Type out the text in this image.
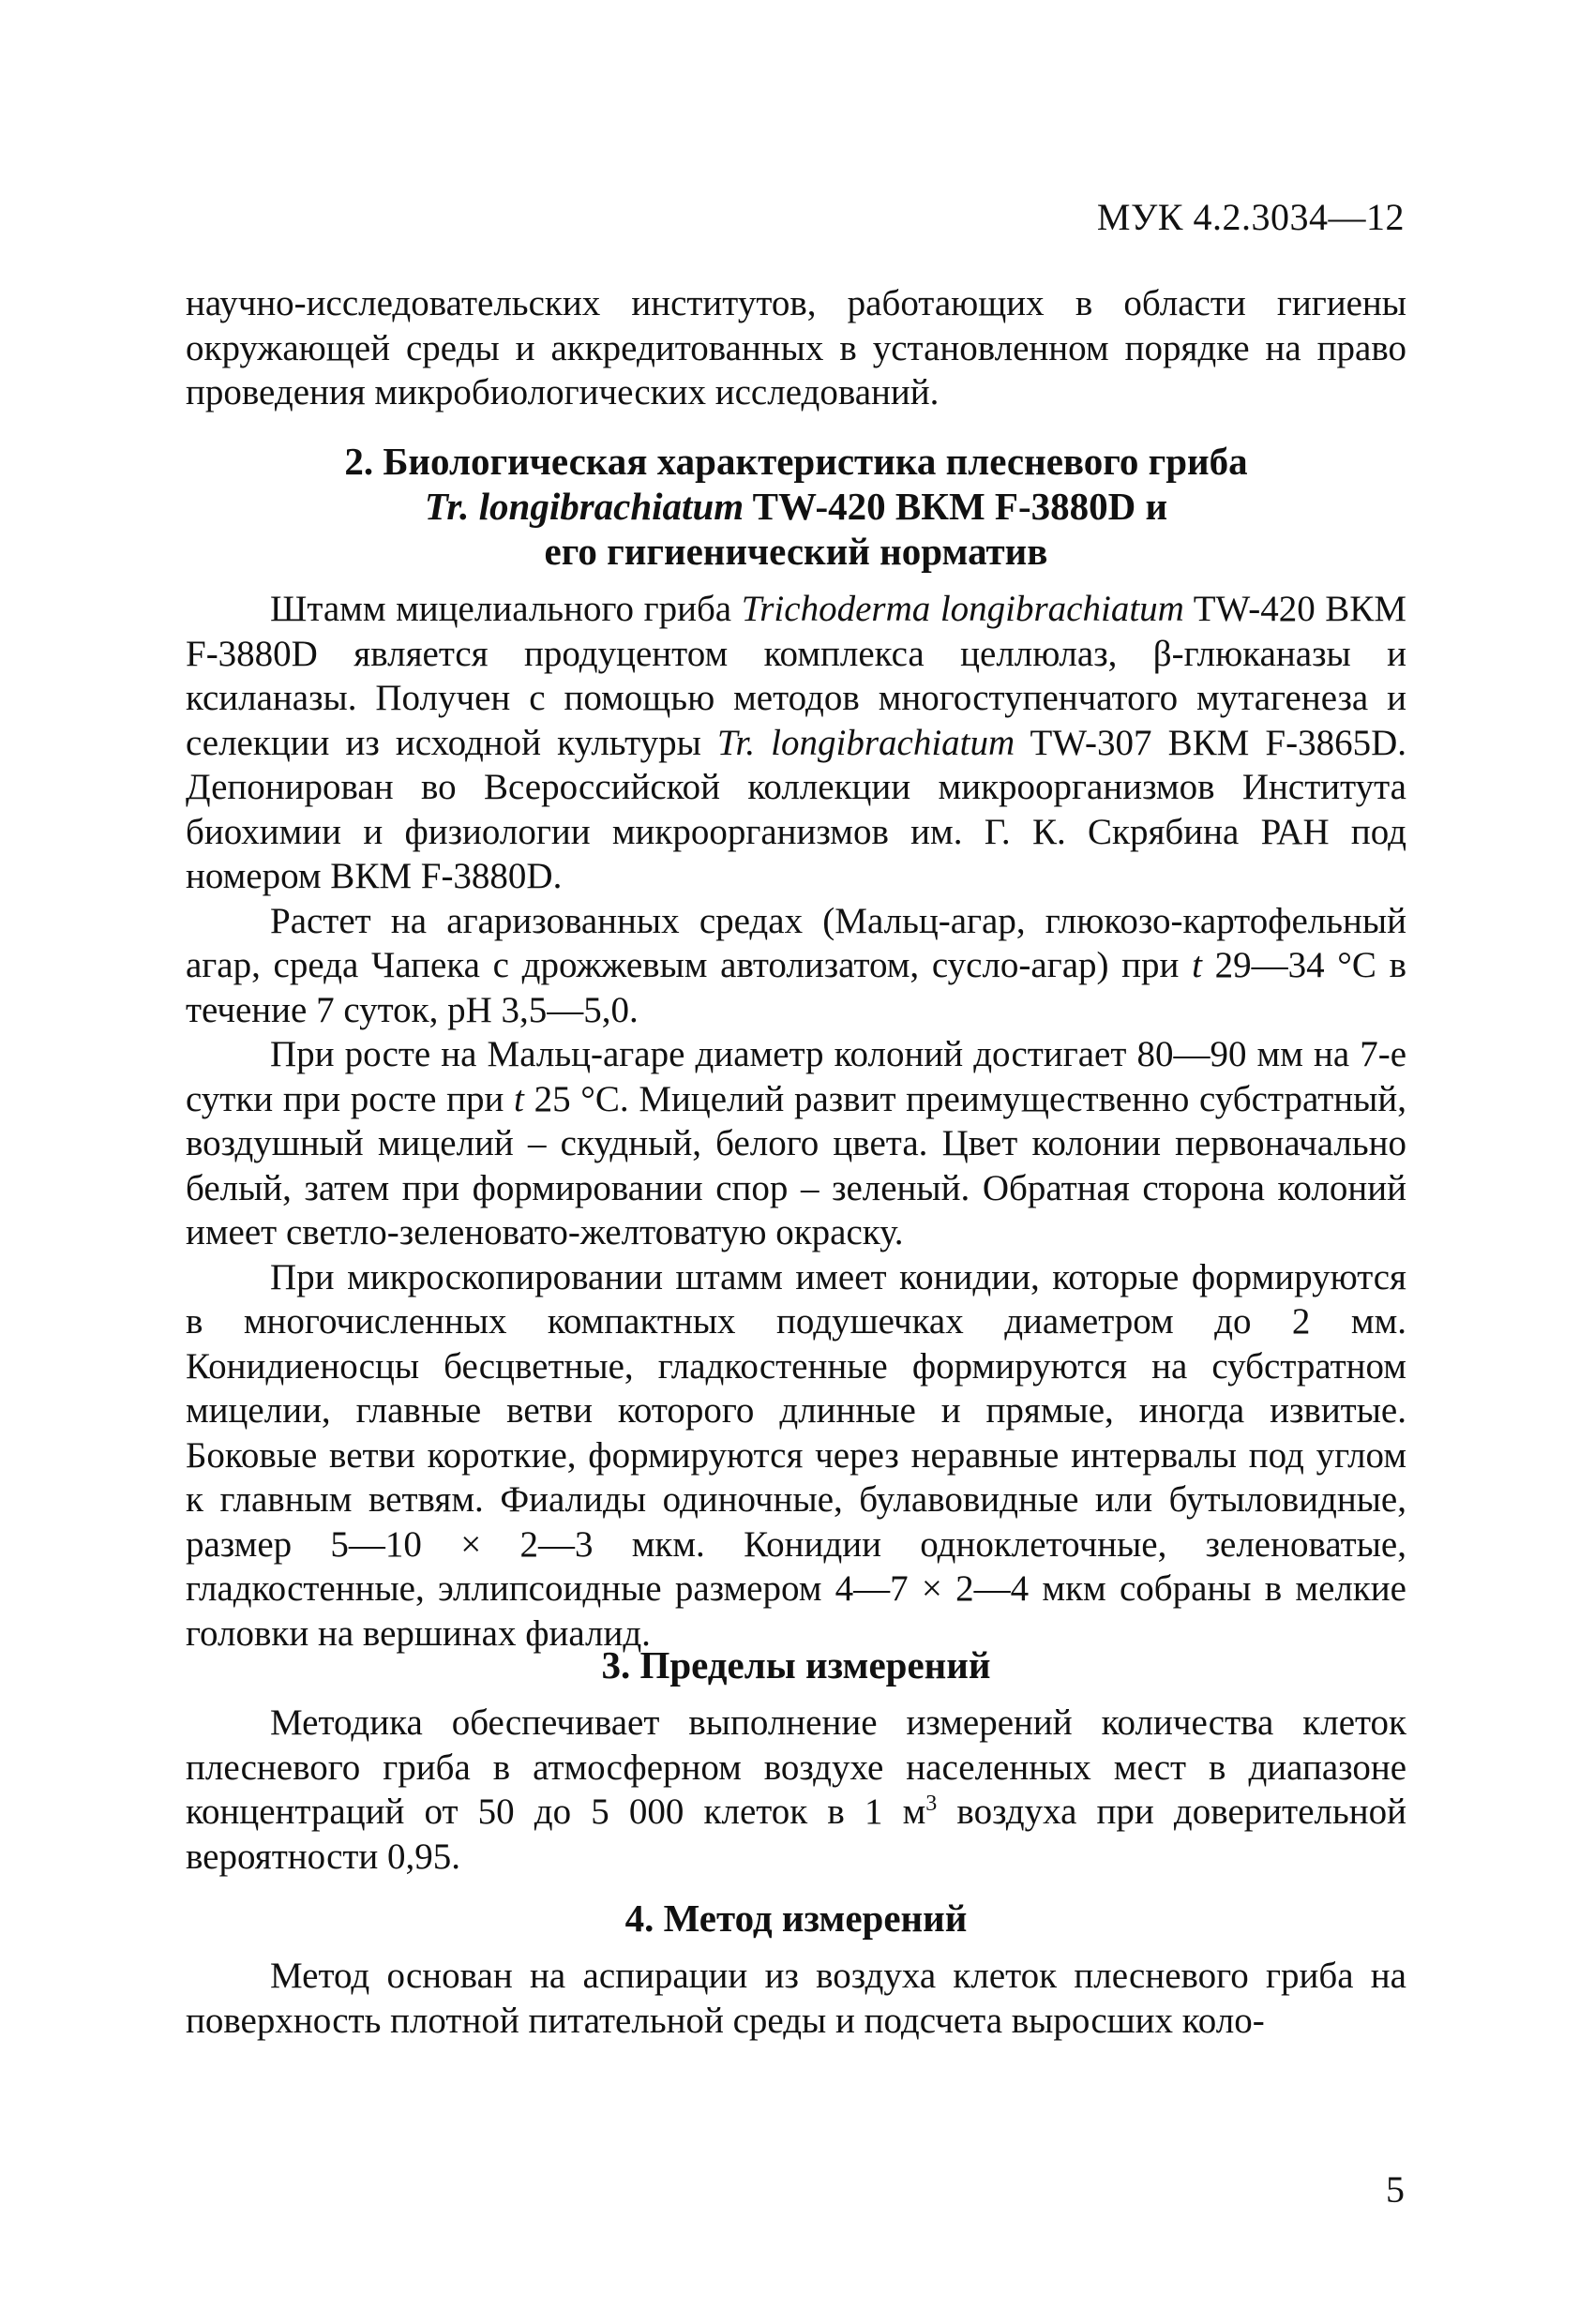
МУК 4.2.3034—12

научно-исследовательских институтов, работающих в области гигиены окружающей среды и аккредитованных в установленном порядке на право проведения микробиологических исследований.

2. Биологическая характеристика плесневого гриба

Tr. longibrachiatum TW-420 ВКМ F-3880D и

его гигиенический норматив

Штамм мицелиального гриба Trichoderma longibrachiatum TW-420 ВКМ F-3880D является продуцентом комплекса целлюлаз, β-глюканазы и ксиланазы. Получен с помощью методов многоступенчатого мутагенеза и селекции из исходной культуры Tr. longibrachiatum TW-307 ВКМ F-3865D. Депонирован во Всероссийской коллекции микроорганизмов Института биохимии и физиологии микроорганизмов им. Г. К. Скрябина РАН под номером ВКМ F-3880D.

Растет на агаризованных средах (Мальц-агар, глюкозо-картофельный агар, среда Чапека с дрожжевым автолизатом, сусло-агар) при t 29—34 °С в течение 7 суток, рН 3,5—5,0.

При росте на Мальц-агаре диаметр колоний достигает 80—90 мм на 7-е сутки при росте при t 25 °С. Мицелий развит преимущественно субстратный, воздушный мицелий – скудный, белого цвета. Цвет колонии первоначально белый, затем при формировании спор – зеленый. Обратная сторона колоний имеет светло-зеленовато-желтоватую окраску.

При микроскопировании штамм имеет конидии, которые формируются в многочисленных компактных подушечках диаметром до 2 мм. Конидиеносцы бесцветные, гладкостенные формируются на субстратном мицелии, главные ветви которого длинные и прямые, иногда извитые. Боковые ветви короткие, формируются через неравные интервалы под углом к главным ветвям. Фиалиды одиночные, булавовидные или бутыловидные, размер 5—10 × 2—3 мкм. Конидии одноклеточные, зеленоватые, гладкостенные, эллипсоидные размером 4—7 × 2—4 мкм собраны в мелкие головки на вершинах фиалид.

3. Пределы измерений

Методика обеспечивает выполнение измерений количества клеток плесневого гриба в атмосферном воздухе населенных мест в диапазоне концентраций от 50 до 5 000 клеток в 1 $м^3$ воздуха при доверительной вероятности 0,95.

4. Метод измерений

Метод основан на аспирации из воздуха клеток плесневого гриба на поверхность плотной питательной среды и подсчета выросших коло-

5
